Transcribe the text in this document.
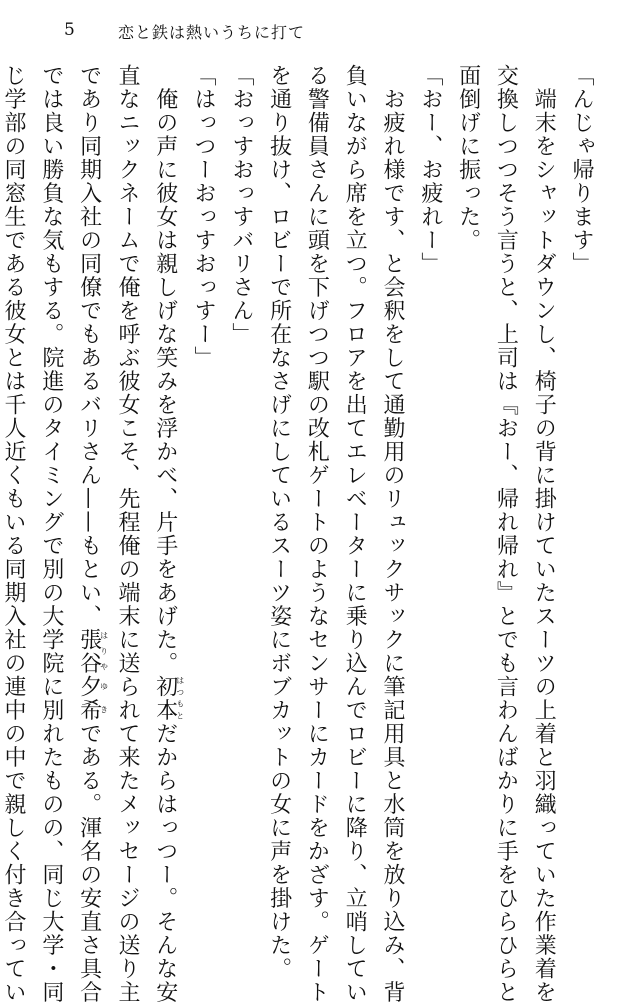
5	恋と鉄は熱いうちに打て
「んじゃ帰ります」
　端末をシャットダウンし、椅子の背に掛けていたスーツの上着と羽織っていた作業着を
交換しつつそう言うと、上司は『おー、帰れ帰れ』とでも言わんばかりに手をひらひらと
面倒げに振った。
「おー、お疲れー」
　お疲れ様です、と会釈をして通勤用のリュックサックに筆記用具と水筒を放り込み、背
負いながら席を立つ。フロアを出てエレベーターに乗り込んでロビーに降り、立哨してい
る警備員さんに頭を下げつつ駅の改札ゲートのようなセンサーにカードをかざす。ゲート
を通り抜け、ロビーで所在なさげにしているスーツ姿にボブカットの女に声を掛けた。
「おっすおっすバリさん」
「はっつーおっすおっすー」
　俺の声に彼女は親しげな笑みを浮かべ、片手をあげた。初本はつもとだからはっつー。そんな安
直なニックネームで俺を呼ぶ彼女こそ、先程俺の端末に送られて来たメッセージの送り主
であり同期入社の同僚でもあるバリさん——もとい、張谷はりや夕希ゆきである。渾名の安直さ具合
では良い勝負な気もする。院進のタイミングで別の大学院に別れたものの、同じ大学・同
じ学部の同窓生である彼女とは千人近くもいる同期入社の連中の中で親しく付き合ってい
